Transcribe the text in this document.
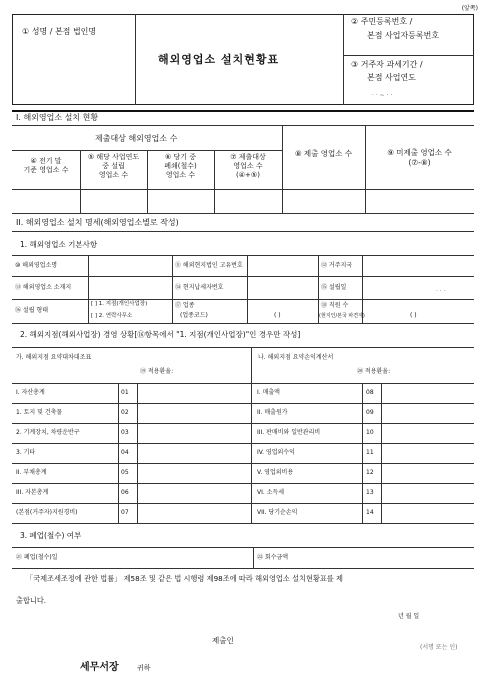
(앞쪽)
① 성명 / 본점 법인명
해외영업소 설치현황표
② 주민등록번호 /
본점 사업자등록번호
③ 거주자 과세기간 /
본점 사업연도
· · ~ · ·
I. 해외영업소 설치 현황
제출대상 해외영업소 수
④ 전기 말
기준 영업소 수
⑤ 해당 사업연도
중 설립
영업소 수
⑥ 당기 중
폐쇄(철수)
영업소 수
⑦ 제출대상
영업소 수
(④+⑤)
⑧ 제출 영업소 수	⑨ 미제출 영업소 수
(⑦-⑧)
II. 해외영업소 설치 명세(해외영업소별로 작성)
1. 해외영업소 기본사항
⑩ 해외영업소명	⑪ 해외현지법인 고유번호	⑫ 거주지국
⑬ 해외영업소 소재지	⑭ 현지납세자번호	⑮ 설립일	. . .
⑯ 설립 형태
[ ] 1. 지점(개인사업장)
[ ] 2. 연락사무소
⑰ 업종
(업종코드)	( )
⑱ 직원 수
(현지인/본국 파견자)	( )
2. 해외지점(해외사업장) 경영 상황[⑯항목에서 "1. 지점(개인사업장)"인 경우만 작성]
가. 해외지점 요약대차대조표
⑲ 적용환율:
나. 해외지점 요약손익계산서
⑳ 적용환율:
I. 자산총계	01
1. 토지 및 건축물	02
2. 기계장치, 차량운반구	03
3. 기타	04
II. 부채총계	05
III. 자본총계	06
(본점(거주자)지원경비)	07
I. 매출액	08
II. 매출원가	09
III. 판매비와 일반관리비	10
IV. 영업외수익	11
V. 영업외비용	12
VI. 소득세	13
VII. 당기순손익	14
3. 폐업(철수) 여부
㉑ 폐업(철수)일	㉒ 회수금액
「국제조세조정에 관한 법률」 제58조 및 같은 법 시행령 제98조에 따라 해외영업소 설치현황표를 제
출합니다.
년 월 일
제출인
(서명 또는 인)
세무서장	귀하
